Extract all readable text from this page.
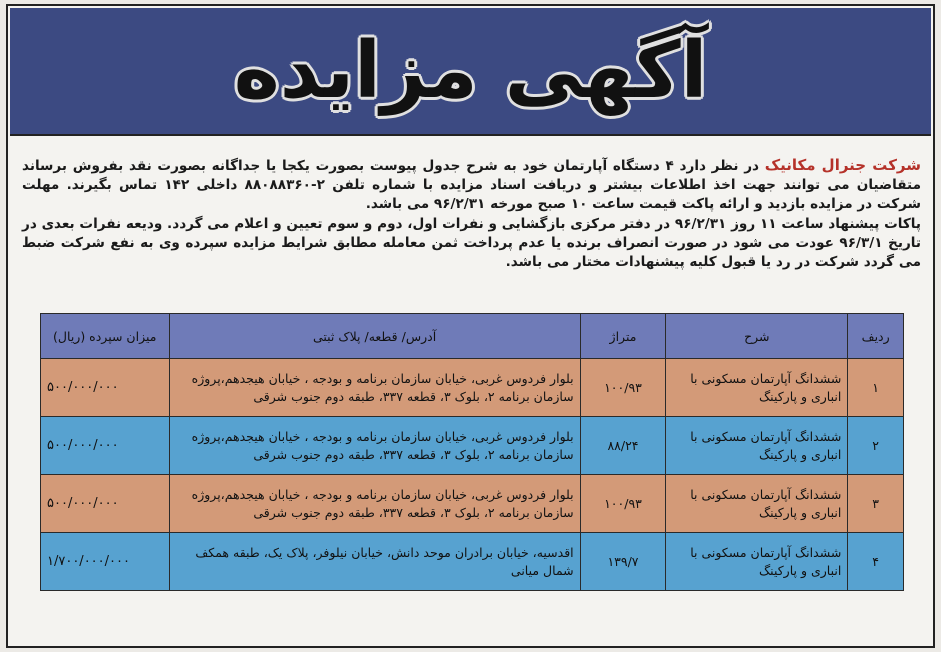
آگهی مزایده
شرکت جنرال مکانیک در نظر دارد ۴ دستگاه آپارتمان خود به شرح جدول پیوست بصورت یکجا یا جداگانه بصورت نقد بفروش برساند متقاضیان می توانند جهت اخذ اطلاعات بیشتر و دریافت اسناد مزایده با شماره تلفن ۲-۸۸۰۸۸۳۶۰ داخلی ۱۴۲ تماس بگیرند. مهلت شرکت در مزایده بازدید و ارائه پاکت قیمت ساعت ۱۰ صبح مورخه ۹۶/۲/۳۱ می باشد.
پاکات پیشنهاد ساعت ۱۱ روز ۹۶/۲/۳۱ در دفتر مرکزی بازگشایی و نفرات اول، دوم و سوم تعیین و اعلام می گردد. ودیعه نفرات بعدی در تاریخ ۹۶/۳/۱ عودت می شود در صورت انصراف برنده یا عدم پرداخت ثمن معامله مطابق شرایط مزایده سپرده وی به نفع شرکت ضبط می گردد شرکت در رد یا قبول کلیه پیشنهادات مختار می باشد.
ردیف	شرح	متراژ	آدرس/ قطعه/ پلاک ثبتی	میزان سپرده (ریال)
۱	ششدانگ آپارتمان مسکونی با انباری و پارکینگ	۱۰۰/۹۳	بلوار فردوس غربی، خیابان سازمان برنامه و بودجه ، خیابان هیجدهم،پروژه سازمان برنامه ۲، بلوک ۳، قطعه ۳۳۷، طبقه دوم جنوب شرقی	۵۰۰/۰۰۰/۰۰۰
۲	ششدانگ آپارتمان مسکونی با انباری و پارکینگ	۸۸/۲۴	بلوار فردوس غربی، خیابان سازمان برنامه و بودجه ، خیابان هیجدهم،پروژه سازمان برنامه ۲، بلوک ۳، قطعه ۳۳۷، طبقه دوم جنوب شرقی	۵۰۰/۰۰۰/۰۰۰
۳	ششدانگ آپارتمان مسکونی با انباری و پارکینگ	۱۰۰/۹۳	بلوار فردوس غربی، خیابان سازمان برنامه و بودجه ، خیابان هیجدهم،پروژه سازمان برنامه ۲، بلوک ۳، قطعه ۳۳۷، طبقه دوم جنوب شرقی	۵۰۰/۰۰۰/۰۰۰
۴	ششدانگ آپارتمان مسکونی با انباری و پارکینگ	۱۳۹/۷	اقدسیه، خیابان برادران موحد دانش، خیابان نیلوفر، پلاک یک، طبقه همکف شمال میانی	۱/۷۰۰/۰۰۰/۰۰۰
